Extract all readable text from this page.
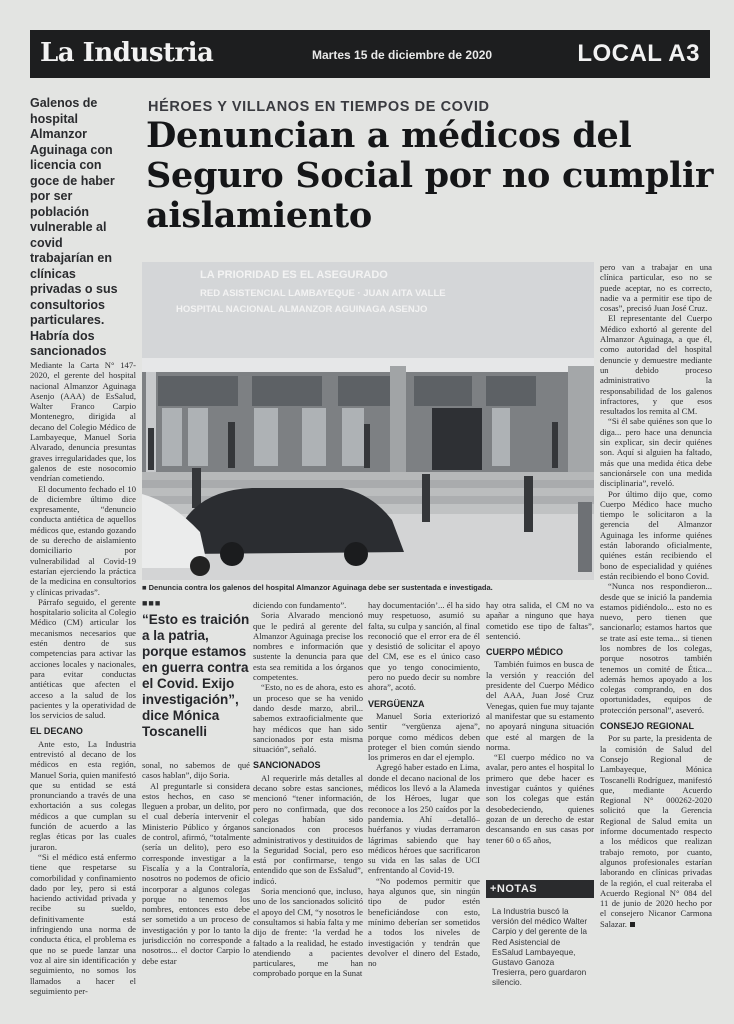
La Industria	Martes 15 de diciembre de 2020	LOCAL A3
Galenos de hospital Almanzor Aguinaga con licencia con goce de haber por ser población vulnerable al covid trabajarían en clínicas privadas o sus consultorios particulares. Habría dos sancionados
HÉROES Y VILLANOS EN TIEMPOS DE COVID
Denuncian a médicos del Seguro Social por no cumplir aislamiento
LA PRIORIDAD ES EL ASEGURADO
RED ASISTENCIAL LAMBAYEQUE · JUAN AITA VALLE
HOSPITAL NACIONAL ALMANZOR AGUINAGA ASENJO
■ Denuncia contra los galenos del hospital Almanzor Aguinaga debe ser sustentada e investigada.
■■■
“Esto es traición a la patria, porque estamos en guerra contra el Covid. Exijo investigación”, dice Mónica Toscanelli

Mediante la Carta N° 147-2020, el gerente del hospital nacional Almanzor Aguinaga Asenjo (AAA) de EsSalud, Walter Franco Carpio Montenegro, dirigida al decano del Colegio Médico de Lambayeque, Manuel Soria Alvarado, denuncia presuntas graves irregularidades que, los galenos de este nosocomio vendrían cometiendo.

El documento fechado el 10 de diciembre último dice expresamente, “denuncio conducta antiética de aquellos médicos que, estando gozando de su derecho de aislamiento domiciliario por vulnerabilidad al Covid-19 estarían ejerciendo la práctica de la medicina en consultorios y clínicas privadas”.

Párrafo seguido, el gerente hospitalario solicita al Colegio Médico (CM) articular los mecanismos necesarios que estén dentro de sus competencias para activar las acciones locales y nacionales, para evitar conductas antiéticas que afecten el acceso a la salud de los pacientes y la operatividad de los servicios de salud.

EL DECANO

Ante esto, La Industria entrevistó al decano de los médicos en esta región, Manuel Soria, quien manifestó que su entidad se está pronunciando a través de una exhortación a sus colegas médicos a que cumplan su función de acuerdo a las reglas éticas por las cuales juraron.

“Si el médico está enfermo tiene que respetarse su comorbilidad y confinamiento dado por ley, pero si está haciendo actividad privada y recibe su sueldo, definitivamente está infringiendo una norma de conducta ética, el problema es que no se puede lanzar una voz al aire sin identificación y seguimiento, no somos los llamados a hacer el seguimiento per-

sonal, no sabemos de qué casos hablan”, dijo Soria.

Al preguntarle si considera estos hechos, en caso se lleguen a probar, un delito, por el cual debería intervenir el Ministerio Público y órganos de control, afirmó, “totalmente (sería un delito), pero eso corresponde investigar a la Fiscalía y a la Contraloría, nosotros no podemos de oficio incorporar a algunos colegas porque no tenemos los nombres, entonces esto debe ser sometido a un proceso de investigación y por lo tanto la jurisdicción no corresponde a nosotros... el doctor Carpio lo debe estar

diciendo con fundamento”.

Soria Alvarado mencionó que le pedirá al gerente del Almanzor Aguinaga precise los nombres e información que sustente la denuncia para que esta sea remitida a los órganos competentes.

“Esto, no es de ahora, esto es un proceso que se ha venido dando desde marzo, abril... sabemos extraoficialmente que hay médicos que han sido sancionados por esta misma situación”, señaló.

SANCIONADOS

Al requerirle más detalles al decano sobre estas sanciones, mencionó “tener información, pero no confirmada, que dos colegas habían sido sancionados con procesos administrativos y destituidos de la Seguridad Social, pero eso está por confirmarse, tengo entendido que son de EsSalud”, indicó.

Soria mencionó que, incluso, uno de los sancionados solicitó el apoyo del CM, “y nosotros le consultamos si había falta y me dijo de frente: ‘la verdad he faltado a la realidad, he estado atendiendo a pacientes particulares, me han comprobado porque en la Sunat

hay documentación’... él ha sido muy respetuoso, asumió su falta, su culpa y sanción, al final reconoció que el error era de él y desistió de solicitar el apoyo del CM, ese es el único caso que yo tengo conocimiento, pero no puedo decir su nombre ahora”, acotó.

VERGÜENZA

Manuel Soria exteriorizó sentir “vergüenza ajena”, porque como médicos deben proteger el bien común siendo los primeros en dar el ejemplo.

Agregó haber estado en Lima, donde el decano nacional de los médicos los llevó a la Alameda de los Héroes, lugar que reconoce a los 250 caídos por la pandemia. Ahí –detalló– huérfanos y viudas derramaron lágrimas sabiendo que hay médicos héroes que sacrificaron su vida en las salas de UCI enfrentando al Covid-19.

“No podemos permitir que haya algunos que, sin ningún tipo de pudor estén beneficiándose con esto, mínimo deberían ser sometidos a todos los niveles de investigación y tendrán que devolver el dinero del Estado, no

hay otra salida, el CM no va apañar a ninguno que haya cometido ese tipo de faltas”, sentenció.

CUERPO MÉDICO

También fuimos en busca de la versión y reacción del presidente del Cuerpo Médico del AAA, Juan José Cruz Venegas, quien fue muy tajante al manifestar que su estamento no apoyará ninguna situación que esté al margen de la norma.

“El cuerpo médico no va avalar, pero antes el hospital lo primero que debe hacer es investigar cuántos y quiénes son los colegas que están desobedeciendo, quienes gozan de un derecho de estar descansando en sus casas por tener 60 o 65 años,

+NOTAS
La Industria buscó la versión del médico Walter Carpio y del gerente de la Red Asistencial de EsSalud Lambayeque, Gustavo Ganoza Tresierra, pero guardaron silencio.

pero van a trabajar en una clínica particular, eso no se puede aceptar, no es correcto, nadie va a permitir ese tipo de cosas”, precisó Juan José Cruz.

El representante del Cuerpo Médico exhortó al gerente del Almanzor Aguinaga, a que él, como autoridad del hospital denuncie y demuestre mediante un debido proceso administrativo la responsabilidad de los galenos infractores, y que esos resultados los remita al CM.

“Si él sabe quiénes son que lo diga... pero hace una denuncia sin explicar, sin decir quiénes son. Aquí si alguien ha faltado, más que una medida ética debe sancionársele con una medida disciplinaria”, reveló.

Por último dijo que, como Cuerpo Médico hace mucho tiempo le solicitaron a la gerencia del Almanzor Aguinaga les informe quiénes están laborando oficialmente, quiénes están recibiendo el bono de especialidad y quiénes están recibiendo el bono Covid.

“Nunca nos respondieron... desde que se inició la pandemia estamos pidiéndolo... esto no es nuevo, pero tienen que sancionarlo; estamos hartos que se trate así este tema... si tienen los nombres de los colegas, porque nosotros también tenemos un comité de Ética... además hemos apoyado a los colegas comprando, en dos oportunidades, equipos de protección personal”, aseveró.

CONSEJO REGIONAL

Por su parte, la presidenta de la comisión de Salud del Consejo Regional de Lambayeque, Mónica Toscanelli Rodríguez, manifestó que, mediante Acuerdo Regional N° 000262-2020 solicitó que la Gerencia Regional de Salud emita un informe documentado respecto a los médicos que realizan trabajo remoto, por cuanto, algunos profesionales estarían laborando en clínicas privadas de la región, el cual reiteraba el Acuerdo Regional N° 084 del 11 de junio de 2020 hecho por el consejero Nicanor Carmona Salazar.
